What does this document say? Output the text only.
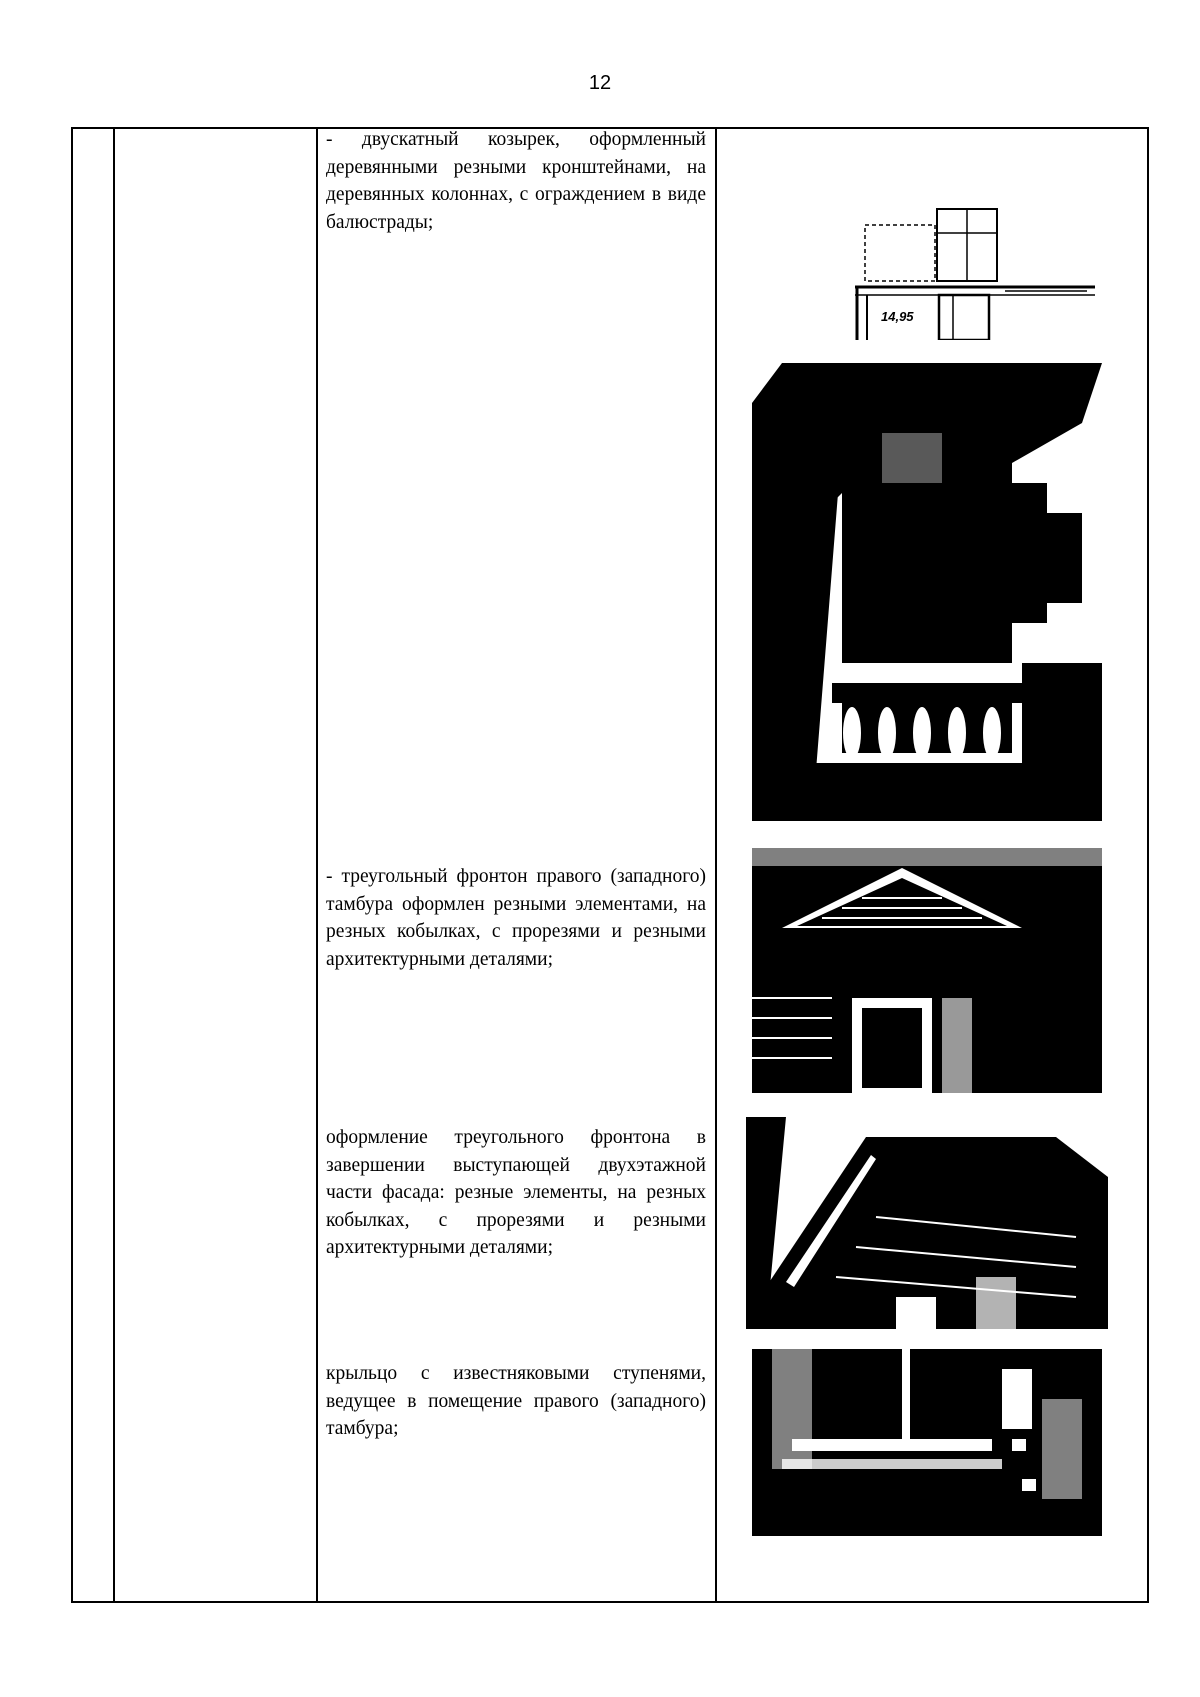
12
- двускатный козырек, оформленный деревянными резными кронштейнами, на деревянных колоннах, с ограждением в виде балюстрады;
- треугольный фронтон правого (западного) тамбура оформлен резными элементами, на резных кобылках, с прорезями и резными архитектурными деталями;
оформление треугольного фронтона в завершении выступающей двухэтажной части фасада: резные элементы, на резных кобылках, с прорезями и резными архитектурными деталями;
крыльцо с известняковыми ступенями, ведущее в помещение правого (западного) тамбура;
14,95
